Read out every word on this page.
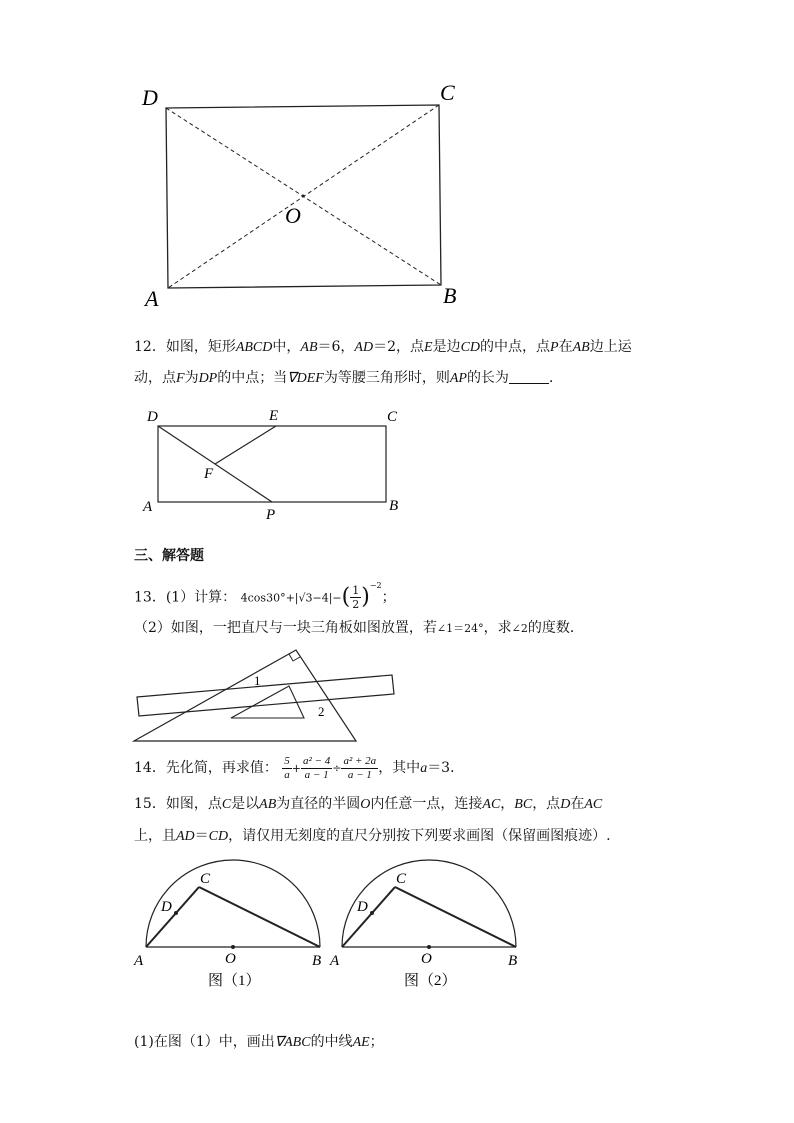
D	C
O
A	B
12．如图，矩形ABCD中，AB＝6，AD＝2，点E是边CD的中点，点P在AB边上运
动，点F为DP的中点；当∇DEF为等腰三角形时，则AP的长为	．
D	E	C
F
A	P
B
三、解答题
13．(1）计算： $4\cos 30^\circ+|√3-4|-( \frac{1}{2} )^{-2}$；
（2）如图，一把直尺与一块三角板如图放置，若∠1＝24°，求∠2的度数．
1
2
14．先化简，再求值： $\frac{5}{a} + \frac{\text{a² − 4}}{a - 1} \div \frac{\text{a² + 2a}}{a - 1}$ ，其中a＝3．
15．如图，点C是以AB为直径的半圆O内任意一点，连接AC，BC，点D在AC
上，且AD＝CD，请仅用无刻度的直尺分别按下列要求画图（保留画图痕迹）.
C
D
A	O	B
图（1）
C
D
A	O	B
图（2）
(1)在图（1）中，画出∇ABC的中线AE；
